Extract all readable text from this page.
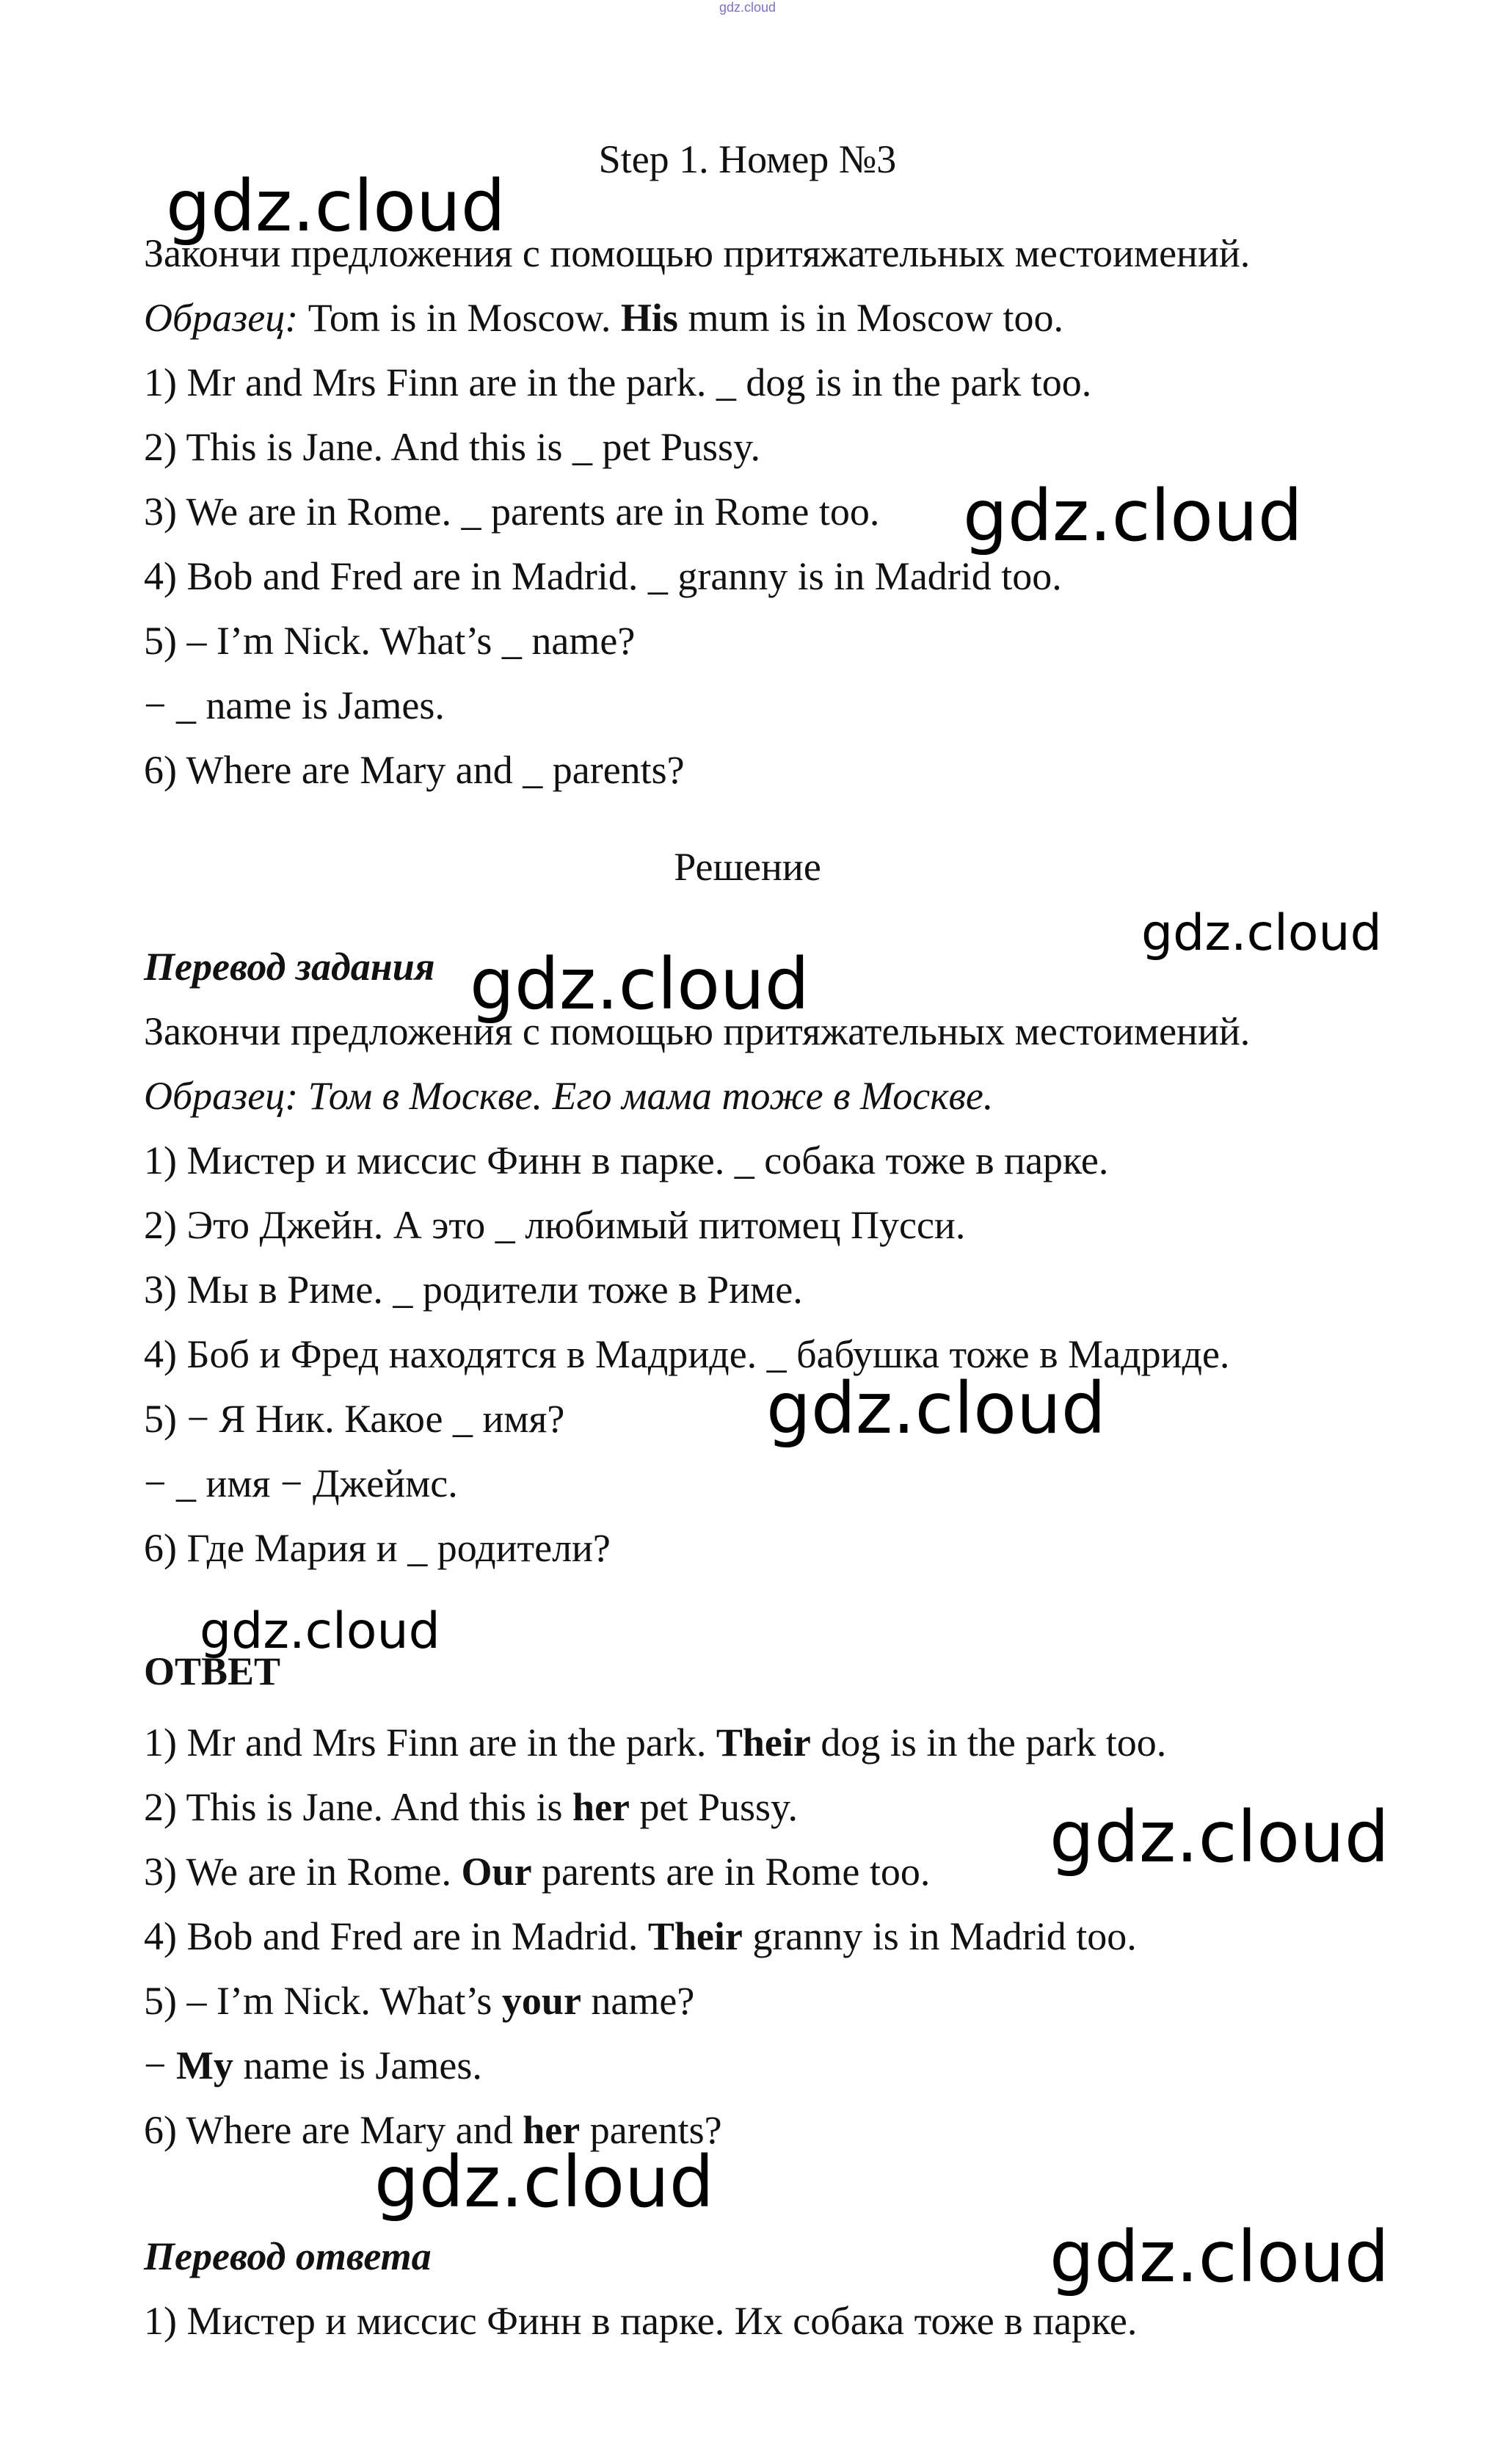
gdz.cloud
Step 1. Номер №3
Закончи предложения с помощью притяжательных местоимений.
Образец: Tom is in Moscow. His mum is in Moscow too.
1) Mr and Mrs Finn are in the park. _ dog is in the park too.
2) This is Jane. And this is _ pet Pussy.
3) We are in Rome. _ parents are in Rome too.
4) Bob and Fred are in Madrid. _ granny is in Madrid too.
5) – I’m Nick. What’s _ name?
− _ name is James.
6) Where are Mary and _ parents?
Решение
Перевод задания
Закончи предложения с помощью притяжательных местоимений.
Образец: Том в Москве. Его мама тоже в Москве.
1) Мистер и миссис Финн в парке. _ собака тоже в парке.
2) Это Джейн. А это _ любимый питомец Пусси.
3) Мы в Риме. _ родители тоже в Риме.
4) Боб и Фред находятся в Мадриде. _ бабушка тоже в Мадриде.
5) − Я Ник. Какое _ имя?
− _ имя − Джеймс.
6) Где Мария и _ родители?
ОТВЕТ
1) Mr and Mrs Finn are in the park. Their dog is in the park too.
2) This is Jane. And this is her pet Pussy.
3) We are in Rome. Our parents are in Rome too.
4) Bob and Fred are in Madrid. Their granny is in Madrid too.
5) – I’m Nick. What’s your name?
− My name is James.
6) Where are Mary and her parents?
Перевод ответа
1) Мистер и миссис Финн в парке. Их собака тоже в парке.
gdz.cloud
gdz.cloud
gdz.cloud
gdz.cloud
gdz.cloud
gdz.cloud
gdz.cloud
gdz.cloud
gdz.cloud
